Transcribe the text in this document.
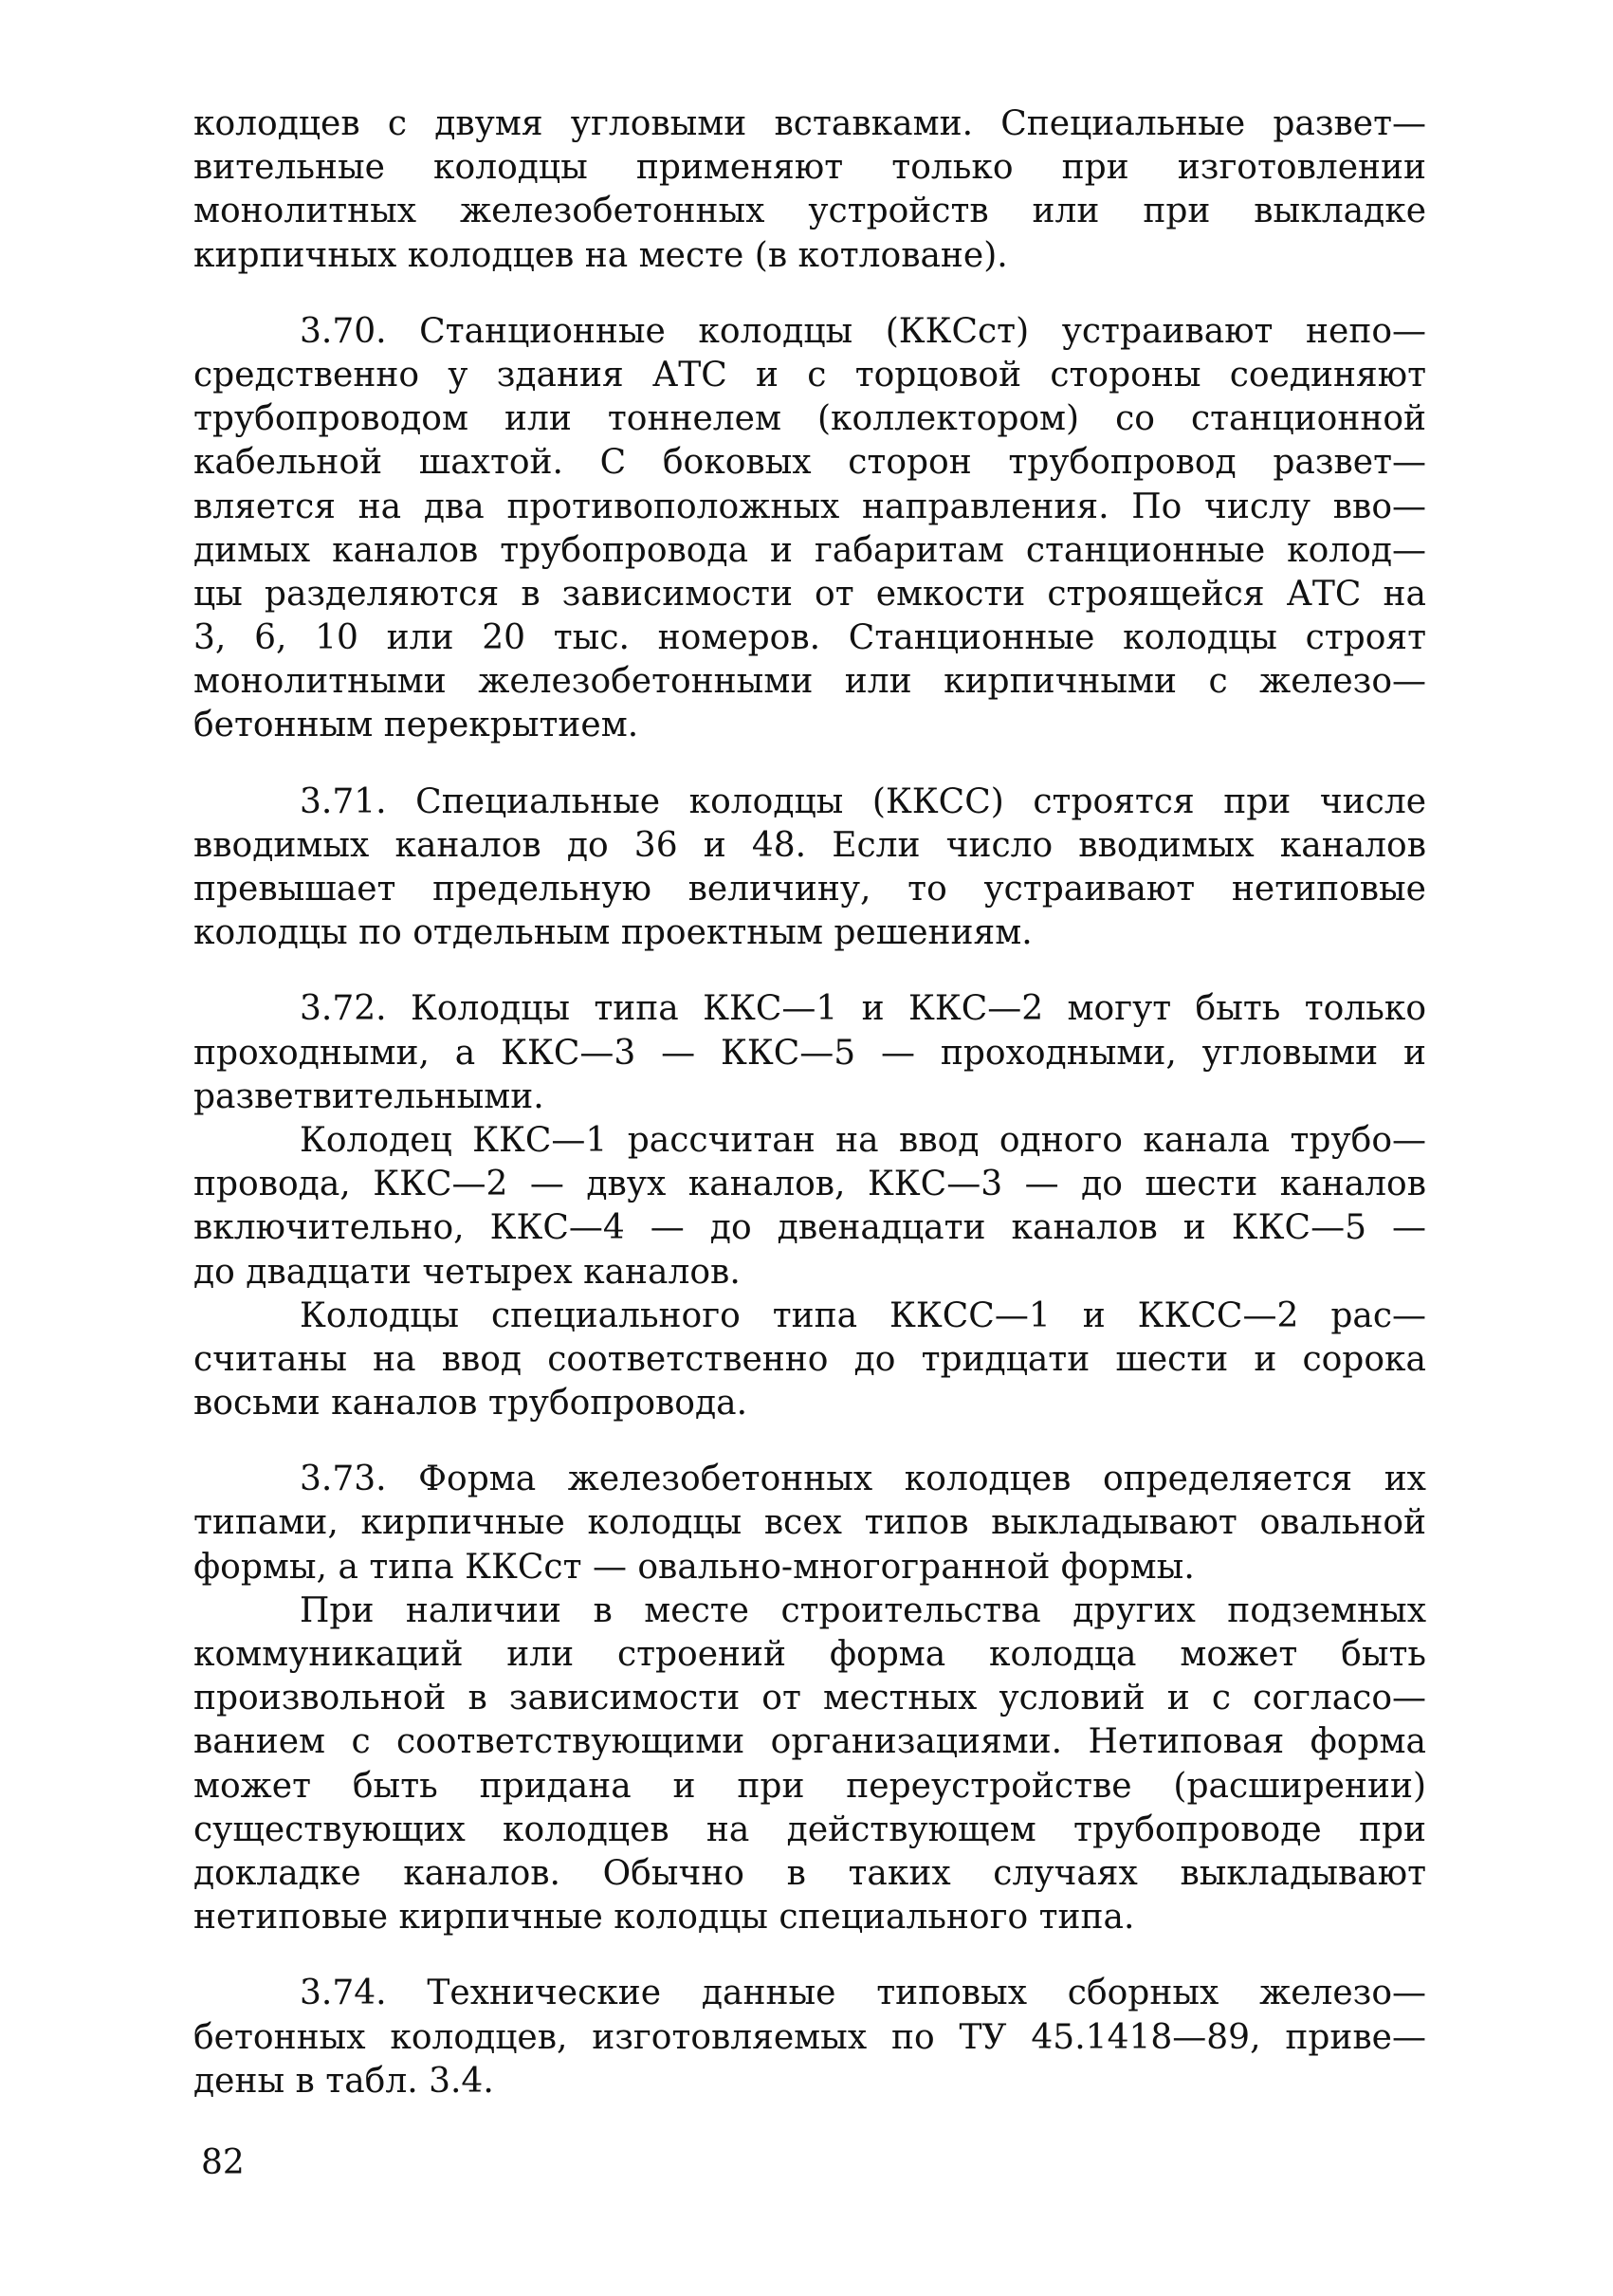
колодцев с двумя угловыми вставками. Специальные развет—
вительные колодцы применяют только при изготовлении
монолитных железобетонных устройств или при выкладке
кирпичных колодцев на месте (в котловане).
3.70. Станционные колодцы (ККСст) устраивают непо—
средственно у здания АТС и с торцовой стороны соединяют
трубопроводом или тоннелем (коллектором) со станционной
кабельной шахтой. С боковых сторон трубопровод развет—
вляется на два противоположных направления. По числу вво—
димых каналов трубопровода и габаритам станционные колод—
цы разделяются в зависимости от емкости строящейся АТС на
3, 6, 10 или 20 тыс. номеров. Станционные колодцы строят
монолитными железобетонными или кирпичными с железо—
бетонным перекрытием.
3.71. Специальные колодцы (ККСС) строятся при числе
вводимых каналов до 36 и 48. Если число вводимых каналов
превышает предельную величину, то устраивают нетиповые
колодцы по отдельным проектным решениям.
3.72. Колодцы типа ККС—1 и ККС—2 могут быть только
проходными, а ККС—3 — ККС—5 — проходными, угловыми и
разветвительными.
Колодец ККС—1 рассчитан на ввод одного канала трубо—
провода, ККС—2 — двух каналов, ККС—3 — до шести каналов
включительно, ККС—4 — до двенадцати каналов и ККС—5 —
до двадцати четырех каналов.
Колодцы специального типа ККСС—1 и ККСС—2 рас—
считаны на ввод соответственно до тридцати шести и сорока
восьми каналов трубопровода.
3.73. Форма железобетонных колодцев определяется их
типами, кирпичные колодцы всех типов выкладывают овальной
формы, а типа ККСст — овально-многогранной формы.
При наличии в месте строительства других подземных
коммуникаций или строений форма колодца может быть
произвольной в зависимости от местных условий и с согласо—
ванием с соответствующими организациями. Нетиповая форма
может быть придана и при переустройстве (расширении)
существующих колодцев на действующем трубопроводе при
докладке каналов. Обычно в таких случаях выкладывают
нетиповые кирпичные колодцы специального типа.
3.74. Технические данные типовых сборных железо—
бетонных колодцев, изготовляемых по ТУ 45.1418—89, приве—
дены в табл. 3.4.
82
